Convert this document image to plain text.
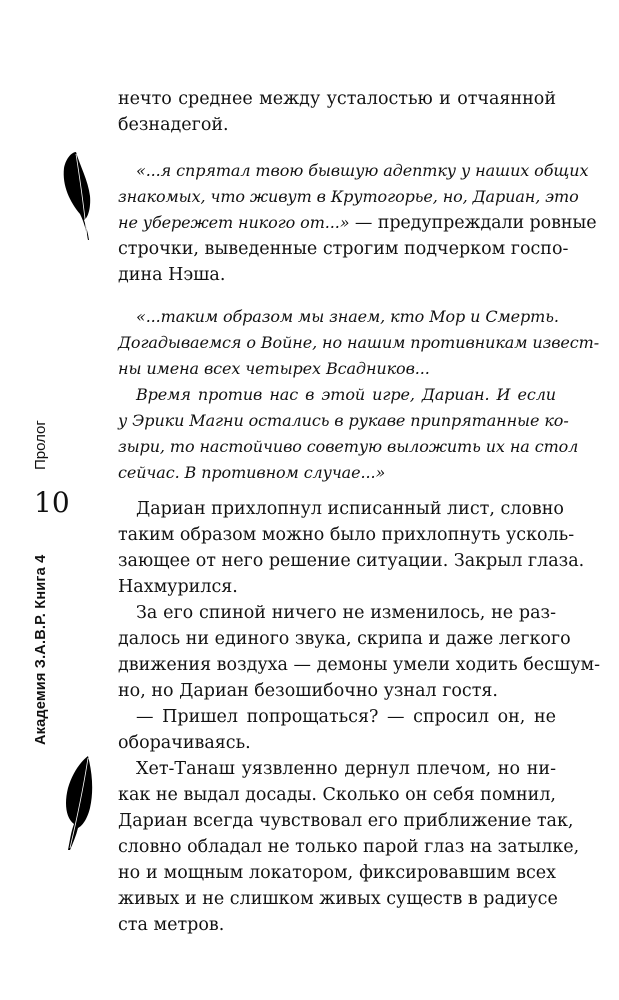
Пролог
10
Академия З.А.В.Р. Книга 4
нечто среднее между усталостью и отчаянной
безнадегой.
«...я спрятал твою бывшую адептку у наших общих
знакомых, что живут в Крутогорье, но, Дариан, это
не убережет никого от...» — предупреждали ровные
строчки, выведенные строгим подчерком госпо-
дина Нэша.
«...таким образом мы знаем, кто Мор и Смерть.
Догадываемся о Войне, но нашим противникам извест-
ны имена всех четырех Всадников...
Время против нас в этой игре, Дариан. И если
у Эрики Магни остались в рукаве припрятанные ко-
зыри, то настойчиво советую выложить их на стол
сейчас. В противном случае...»
Дариан прихлопнул исписанный лист, словно
таким образом можно было прихлопнуть усколь-
зающее от него решение ситуации. Закрыл глаза.
Нахмурился.
За его спиной ничего не изменилось, не раз-
далось ни единого звука, скрипа и даже легкого
движения воздуха — демоны умели ходить бесшум-
но, но Дариан безошибочно узнал гостя.
— Пришел попрощаться? — спросил он, не
оборачиваясь.
Хет-Танаш уязвленно дернул плечом, но ни-
как не выдал досады. Сколько он себя помнил,
Дариан всегда чувствовал его приближение так,
словно обладал не только парой глаз на затылке,
но и мощным локатором, фиксировавшим всех
живых и не слишком живых существ в радиусе
ста метров.
